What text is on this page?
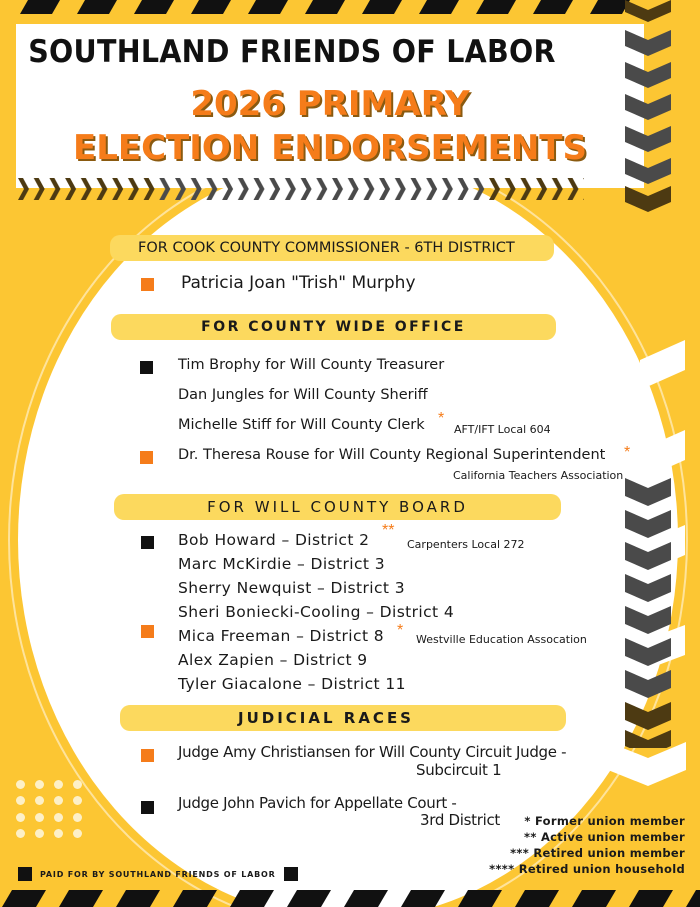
SOUTHLAND FRIENDS OF LABOR
2026 PRIMARY
ELECTION ENDORSEMENTS
FOR COOK COUNTY COMMISSIONER - 6TH DISTRICT
Patricia Joan "Trish" Murphy
FOR COUNTY WIDE OFFICE
Tim Brophy for Will County Treasurer
Dan Jungles for Will County Sheriff
Michelle Stiff for Will County Clerk *
AFT/IFT Local 604
Dr. Theresa Rouse for Will County Regional Superintendent *
California Teachers Association
FOR WILL COUNTY BOARD
Bob Howard – District 2
**
Carpenters Local 272
Marc McKirdie – District 3
Sherry Newquist – District 3
Sheri Boniecki-Cooling – District 4
Mica Freeman – District 8 *
Westville Education Assocation
Alex Zapien – District 9
Tyler Giacalone – District 11
JUDICIAL RACES
Judge Amy Christiansen for Will County Circuit Judge -
Subcircuit 1
Judge John Pavich for Appellate Court -
3rd District	* Former union member
** Active union member
*** Retired union member
**** Retired union household
PAID FOR BY SOUTHLAND FRIENDS OF LABOR
